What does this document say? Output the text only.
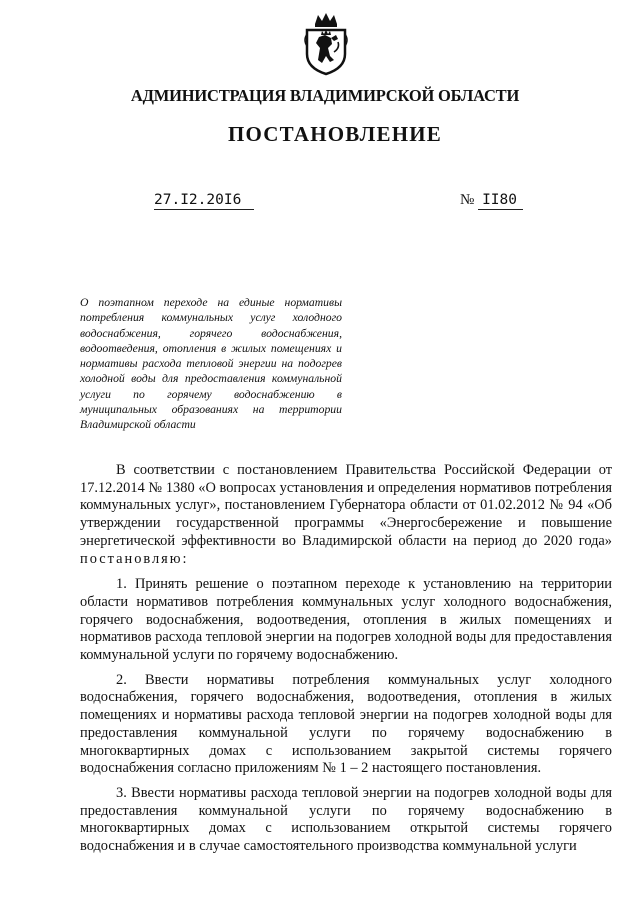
АДМИНИСТРАЦИЯ ВЛАДИМИРСКОЙ ОБЛАСТИ
ПОСТАНОВЛЕНИЕ
27.I2.20I6	№ II80
О поэтапном переходе на единые нормативы потребления коммунальных услуг холодного водоснабжения, горячего водоснабжения, водоотведения, отопления в жилых помещениях и нормативы расхода тепловой энергии на подогрев холодной воды для предоставления коммунальной услуги по горячему водоснабжению в муниципальных образованиях на территории Владимирской области

В соответствии с постановлением Правительства Российской Федерации от 17.12.2014 № 1380 «О вопросах установления и определения нормативов потребления коммунальных услуг», постановлением Губернатора области от 01.02.2012 № 94 «Об утверждении государственной программы «Энергосбережение и повышение энергетической эффективности во Владимирской области на период до 2020 года» постановляю:

1. Принять решение о поэтапном переходе к установлению на территории области нормативов потребления коммунальных услуг холодного водоснабжения, горячего водоснабжения, водоотведения, отопления в жилых помещениях и нормативов расхода тепловой энергии на подогрев холодной воды для предоставления коммунальной услуги по горячему водоснабжению.

2. Ввести нормативы потребления коммунальных услуг холодного водоснабжения, горячего водоснабжения, водоотведения, отопления в жилых помещениях и нормативы расхода тепловой энергии на подогрев холодной воды для предоставления коммунальной услуги по горячему водоснабжению в многоквартирных домах с использованием закрытой системы горячего водоснабжения согласно приложениям № 1 – 2 настоящего постановления.

3. Ввести нормативы расхода тепловой энергии на подогрев холодной воды для предоставления коммунальной услуги по горячему водоснабжению в многоквартирных домах с использованием открытой системы горячего водоснабжения и в случае самостоятельного производства коммунальной услуги
